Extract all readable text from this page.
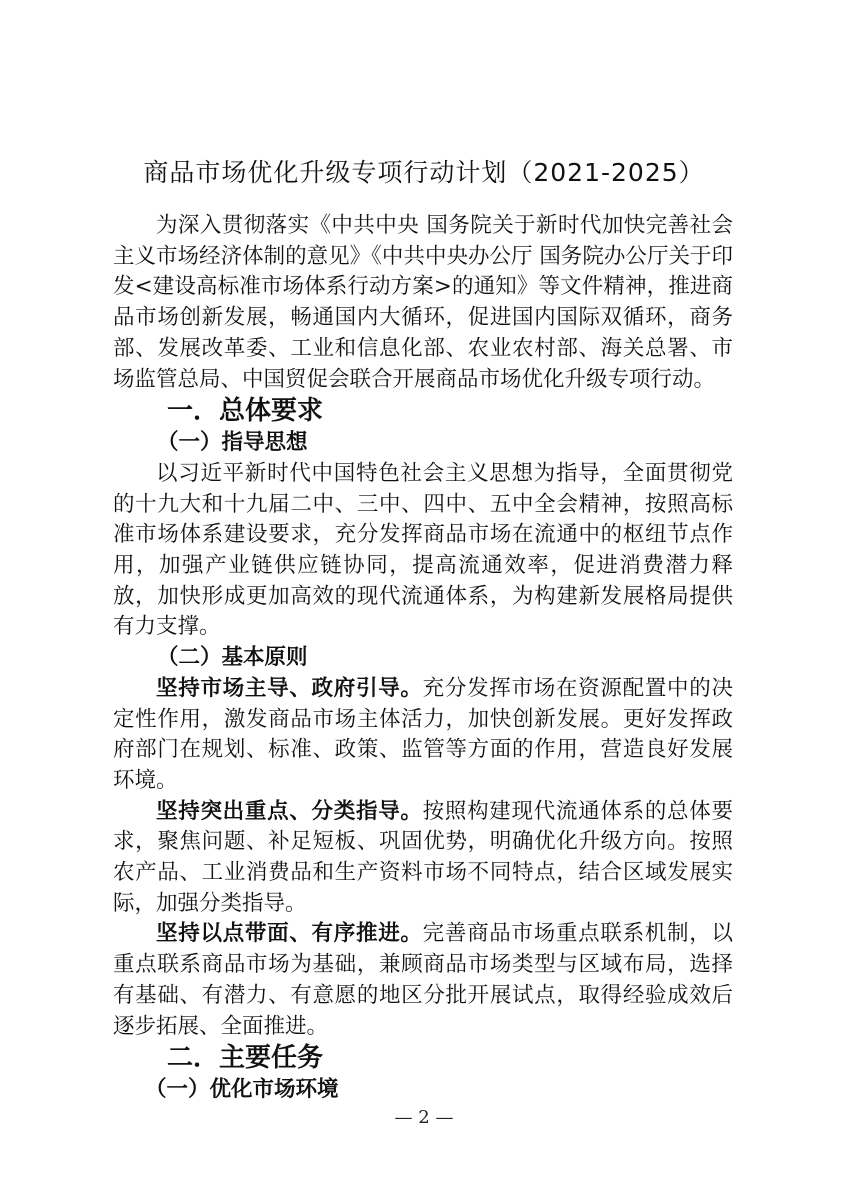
商品市场优化升级专项行动计划（2021-2025）

为深入贯彻落实《中共中央 国务院关于新时代加快完善社会主义市场经济体制的意见》《中共中央办公厅 国务院办公厅关于印发<建设高标准市场体系行动方案>的通知》等文件精神，推进商品市场创新发展，畅通国内大循环，促进国内国际双循环，商务部、发展改革委、工业和信息化部、农业农村部、海关总署、市场监管总局、中国贸促会联合开展商品市场优化升级专项行动。

一．总体要求
（一）指导思想

以习近平新时代中国特色社会主义思想为指导，全面贯彻党的十九大和十九届二中、三中、四中、五中全会精神，按照高标准市场体系建设要求，充分发挥商品市场在流通中的枢纽节点作用，加强产业链供应链协同，提高流通效率，促进消费潜力释放，加快形成更加高效的现代流通体系，为构建新发展格局提供有力支撑。

（二）基本原则

坚持市场主导、政府引导。充分发挥市场在资源配置中的决定性作用，激发商品市场主体活力，加快创新发展。更好发挥政府部门在规划、标准、政策、监管等方面的作用，营造良好发展环境。

坚持突出重点、分类指导。按照构建现代流通体系的总体要求，聚焦问题、补足短板、巩固优势，明确优化升级方向。按照农产品、工业消费品和生产资料市场不同特点，结合区域发展实际，加强分类指导。

坚持以点带面、有序推进。完善商品市场重点联系机制，以重点联系商品市场为基础，兼顾商品市场类型与区域布局，选择有基础、有潜力、有意愿的地区分批开展试点，取得经验成效后逐步拓展、全面推进。

二．主要任务
（一）优化市场环境
— 2 —
